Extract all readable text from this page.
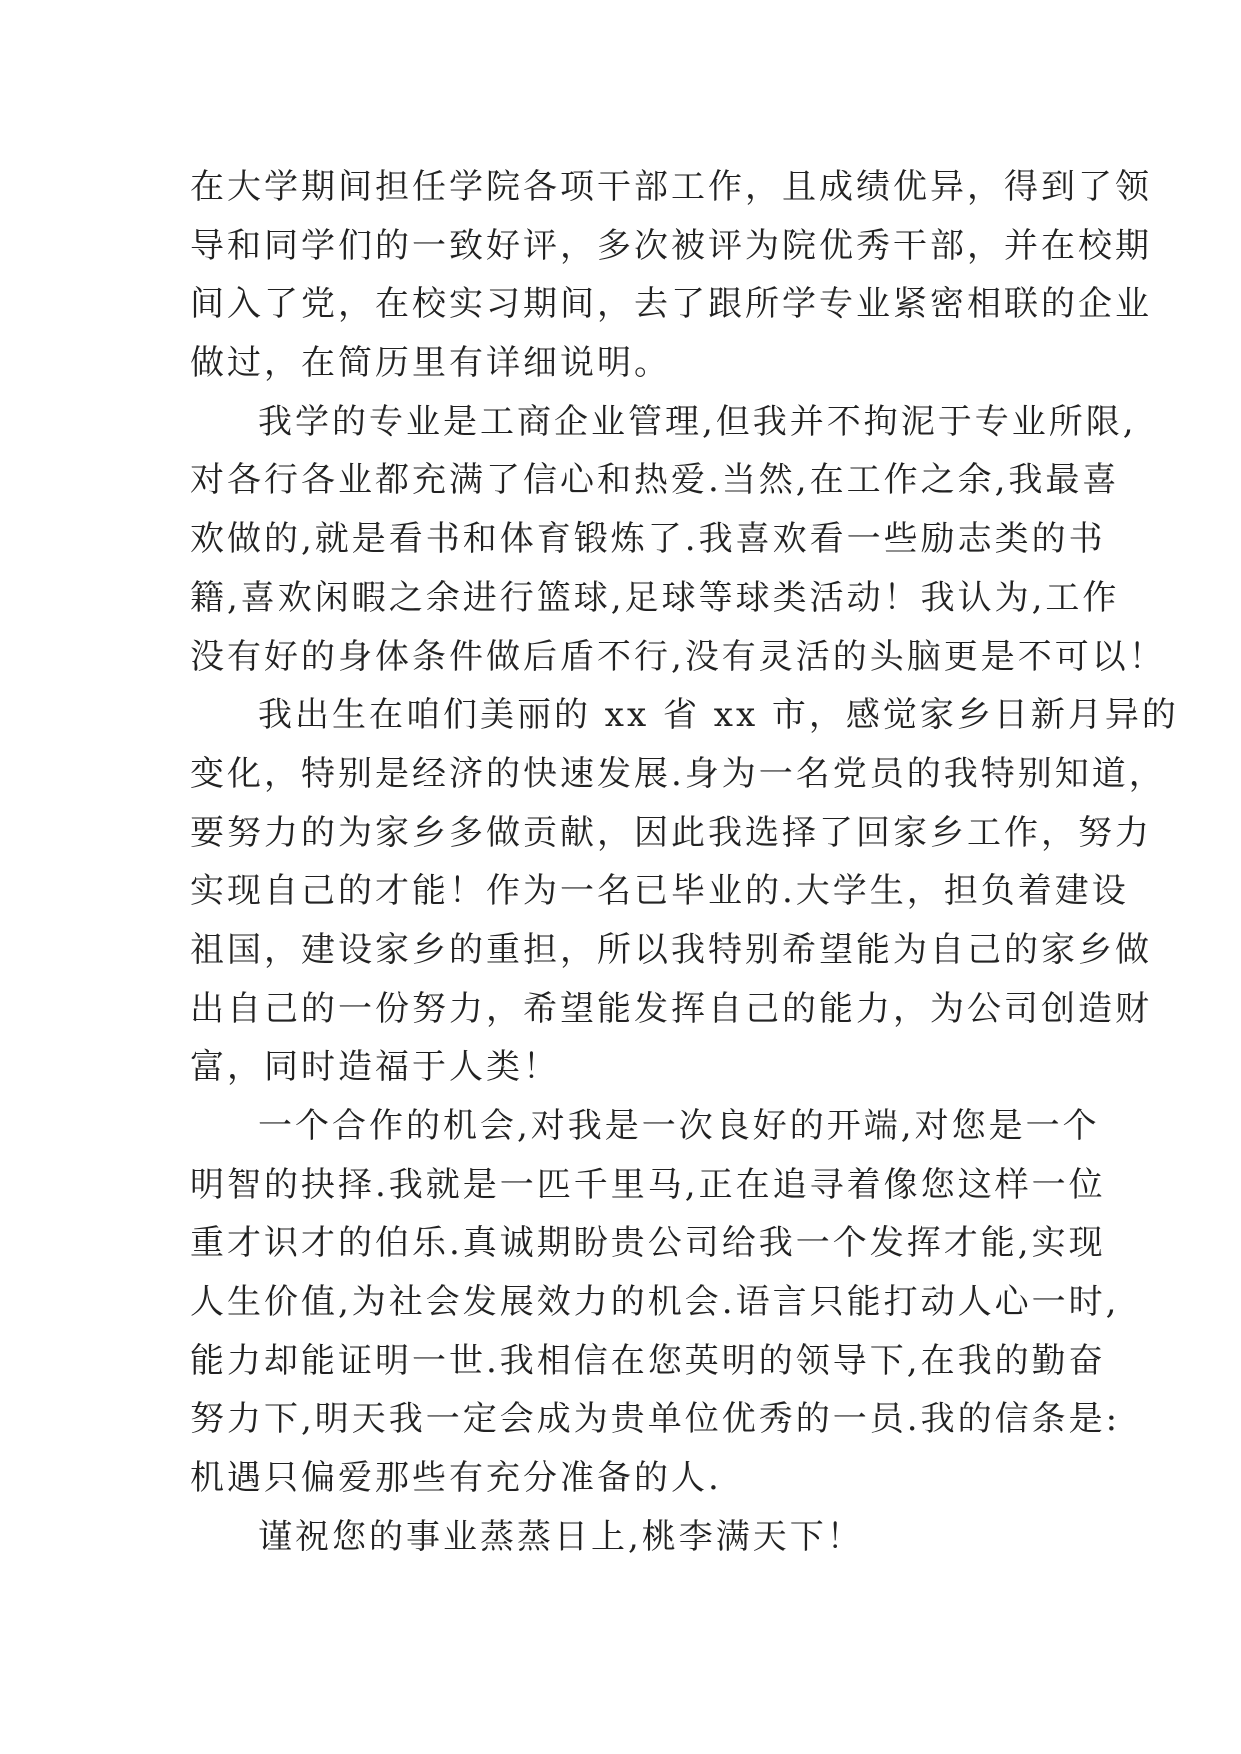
在大学期间担任学院各项干部工作，且成绩优异，得到了领
导和同学们的一致好评，多次被评为院优秀干部，并在校期
间入了党，在校实习期间，去了跟所学专业紧密相联的企业
做过，在简历里有详细说明。
我学的专业是工商企业管理,但我并不拘泥于专业所限,
对各行各业都充满了信心和热爱.当然,在工作之余,我最喜
欢做的,就是看书和体育锻炼了.我喜欢看一些励志类的书
籍,喜欢闲暇之余进行篮球,足球等球类活动！我认为,工作
没有好的身体条件做后盾不行,没有灵活的头脑更是不可以！
我出生在咱们美丽的 xx 省 xx 市，感觉家乡日新月异的
变化，特别是经济的快速发展.身为一名党员的我特别知道，
要努力的为家乡多做贡献，因此我选择了回家乡工作，努力
实现自己的才能！作为一名已毕业的.大学生，担负着建设
祖国，建设家乡的重担，所以我特别希望能为自己的家乡做
出自己的一份努力，希望能发挥自己的能力，为公司创造财
富，同时造福于人类！
一个合作的机会,对我是一次良好的开端,对您是一个
明智的抉择.我就是一匹千里马,正在追寻着像您这样一位
重才识才的伯乐.真诚期盼贵公司给我一个发挥才能,实现
人生价值,为社会发展效力的机会.语言只能打动人心一时,
能力却能证明一世.我相信在您英明的领导下,在我的勤奋
努力下,明天我一定会成为贵单位优秀的一员.我的信条是:
机遇只偏爱那些有充分准备的人.
谨祝您的事业蒸蒸日上,桃李满天下！
